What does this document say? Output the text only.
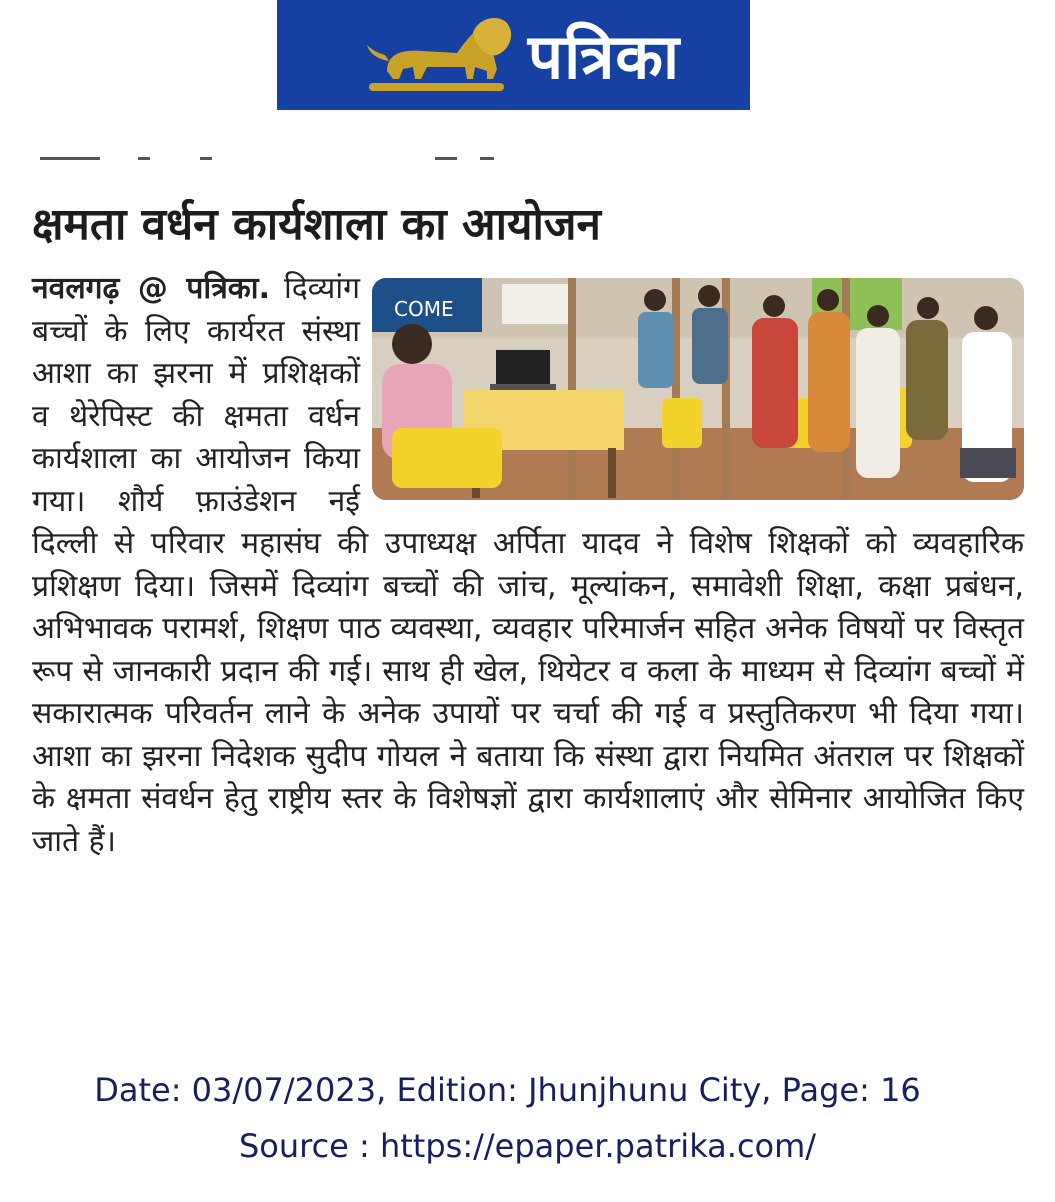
पत्रिका
क्षमता वर्धन कार्यशाला का आयोजन

नवलगढ़ @ पत्रिका.
COME
दिव्यांग बच्चों के लिए कार्यरत संस्था आशा का झरना में प्रशिक्षकों व थेरेपिस्ट की क्षमता वर्धन कार्यशाला का आयोजन किया गया। शौर्य फ़ाउंडेशन नई दिल्ली से परिवार महासंघ की उपाध्यक्ष अर्पिता यादव ने विशेष शिक्षकों को व्यवहारिक प्रशिक्षण दिया। जिसमें दिव्यांग बच्चों की जांच, मूल्यांकन, समावेशी शिक्षा, कक्षा प्रबंधन, अभिभावक परामर्श, शिक्षण पाठ व्यवस्था, व्यवहार परिमार्जन सहित अनेक विषयों पर विस्तृत रूप से जानकारी प्रदान की गई। साथ ही खेल, थियेटर व कला के माध्यम से दिव्यांग बच्चों में सकारात्मक परिवर्तन लाने के अनेक उपायों पर चर्चा की गई व प्रस्तुतिकरण भी दिया गया। आशा का झरना निदेशक सुदीप गोयल ने बताया कि संस्था द्वारा नियमित अंतराल पर शिक्षकों के क्षमता संवर्धन हेतु राष्ट्रीय स्तर के विशेषज्ञों द्वारा कार्यशालाएं और सेमिनार आयोजित किए जाते हैं।

Date: 03/07/2023, Edition: Jhunjhunu City, Page: 16
Source : https://epaper.patrika.com/
